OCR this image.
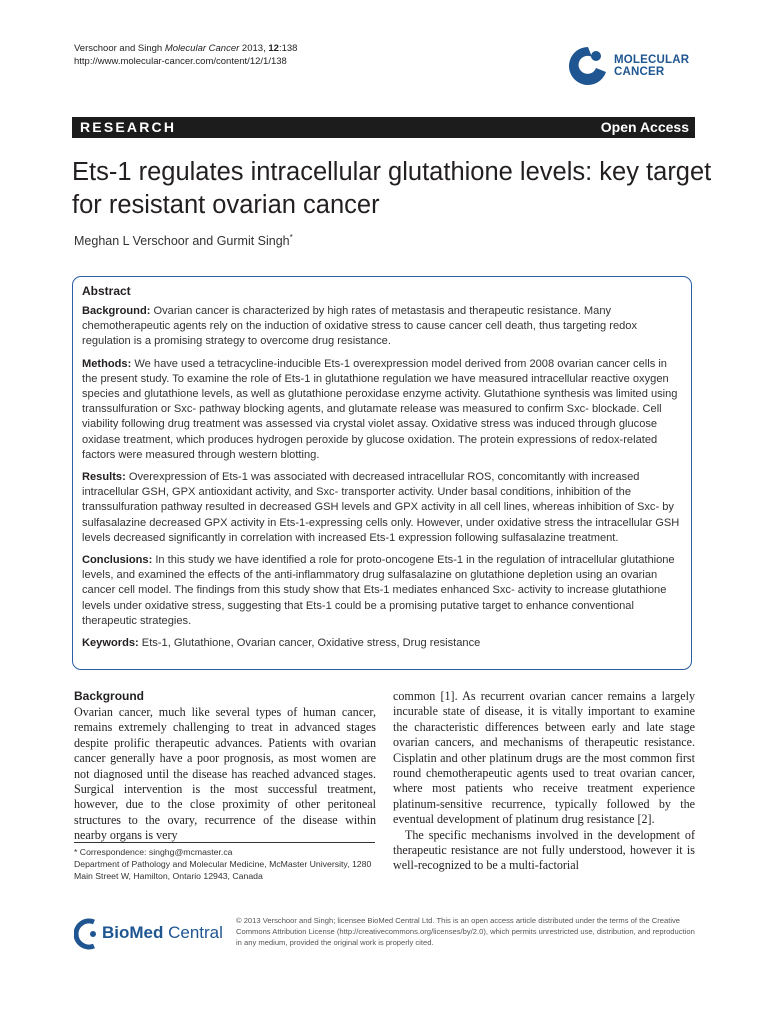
Verschoor and Singh Molecular Cancer 2013, 12:138
http://www.molecular-cancer.com/content/12/1/138	MOLECULAR
CANCER
RESEARCH	Open Access
Ets-1 regulates intracellular glutathione levels: key target for resistant ovarian cancer
Meghan L Verschoor and Gurmit Singh*
Abstract

Background: Ovarian cancer is characterized by high rates of metastasis and therapeutic resistance. Many chemotherapeutic agents rely on the induction of oxidative stress to cause cancer cell death, thus targeting redox regulation is a promising strategy to overcome drug resistance.

Methods: We have used a tetracycline-inducible Ets-1 overexpression model derived from 2008 ovarian cancer cells in the present study. To examine the role of Ets-1 in glutathione regulation we have measured intracellular reactive oxygen species and glutathione levels, as well as glutathione peroxidase enzyme activity. Glutathione synthesis was limited using transsulfuration or Sxc- pathway blocking agents, and glutamate release was measured to confirm Sxc- blockade. Cell viability following drug treatment was assessed via crystal violet assay. Oxidative stress was induced through glucose oxidase treatment, which produces hydrogen peroxide by glucose oxidation. The protein expressions of redox-related factors were measured through western blotting.

Results: Overexpression of Ets-1 was associated with decreased intracellular ROS, concomitantly with increased intracellular GSH, GPX antioxidant activity, and Sxc- transporter activity. Under basal conditions, inhibition of the transsulfuration pathway resulted in decreased GSH levels and GPX activity in all cell lines, whereas inhibition of Sxc- by sulfasalazine decreased GPX activity in Ets-1-expressing cells only. However, under oxidative stress the intracellular GSH levels decreased significantly in correlation with increased Ets-1 expression following sulfasalazine treatment.

Conclusions: In this study we have identified a role for proto-oncogene Ets-1 in the regulation of intracellular glutathione levels, and examined the effects of the anti-inflammatory drug sulfasalazine on glutathione depletion using an ovarian cancer cell model. The findings from this study show that Ets-1 mediates enhanced Sxc- activity to increase glutathione levels under oxidative stress, suggesting that Ets-1 could be a promising putative target to enhance conventional therapeutic strategies.

Keywords: Ets-1, Glutathione, Ovarian cancer, Oxidative stress, Drug resistance

Background

Ovarian cancer, much like several types of human cancer, remains extremely challenging to treat in advanced stages despite prolific therapeutic advances. Patients with ovarian cancer generally have a poor prognosis, as most women are not diagnosed until the disease has reached advanced stages. Surgical intervention is the most successful treatment, however, due to the close proximity of other peritoneal structures to the ovary, recurrence of the disease within nearby organs is very

common [1]. As recurrent ovarian cancer remains a largely incurable state of disease, it is vitally important to examine the characteristic differences between early and late stage ovarian cancers, and mechanisms of therapeutic resistance. Cisplatin and other platinum drugs are the most common first round chemotherapeutic agents used to treat ovarian cancer, where most patients who receive treatment experience platinum-sensitive recurrence, typically followed by the eventual development of platinum drug resistance [2].

The specific mechanisms involved in the development of therapeutic resistance are not fully understood, however it is well-recognized to be a multi-factorial

* Correspondence: singhg@mcmaster.ca
Department of Pathology and Molecular Medicine, McMaster University, 1280 Main Street W, Hamilton, Ontario 12943, Canada
BioMed Central
© 2013 Verschoor and Singh; licensee BioMed Central Ltd. This is an open access article distributed under the terms of the Creative Commons Attribution License (http://creativecommons.org/licenses/by/2.0), which permits unrestricted use, distribution, and reproduction in any medium, provided the original work is properly cited.
